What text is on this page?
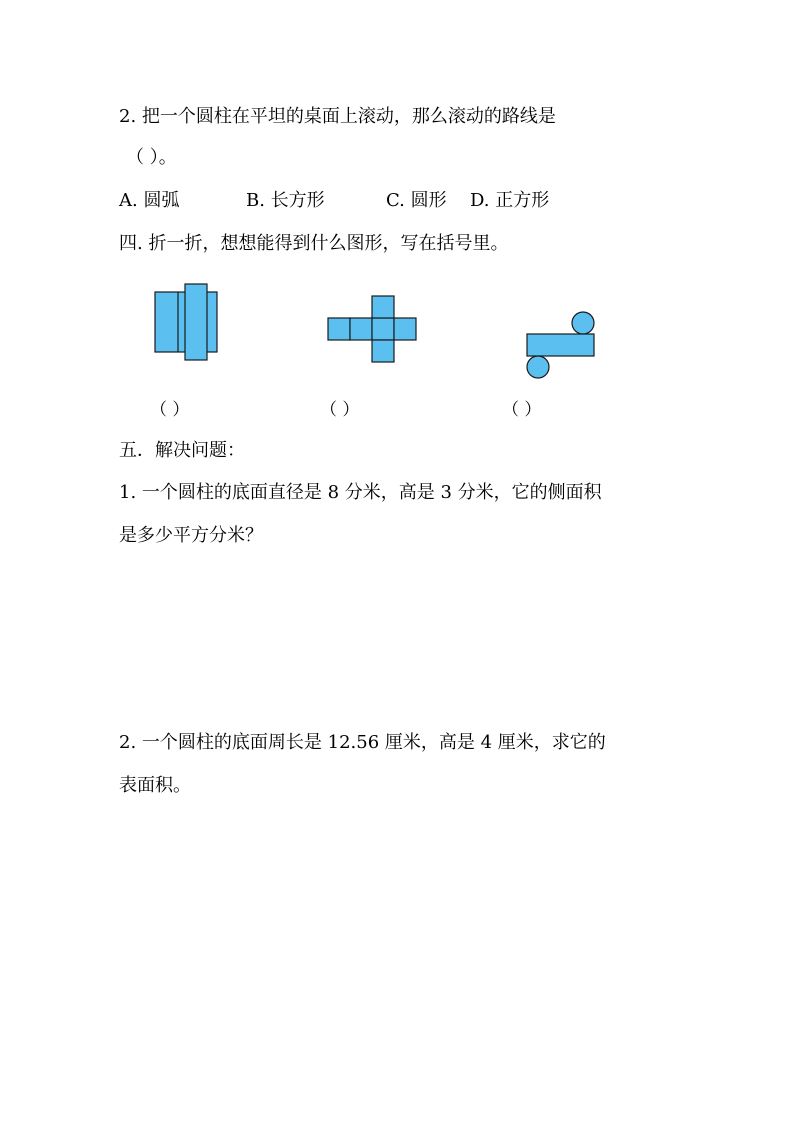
2. 把一个圆柱在平坦的桌面上滚动，那么滚动的路线是
（ ）。
A. 圆弧	B. 长方形	C. 圆形 D. 正方形
四. 折一折，想想能得到什么图形，写在括号里。
（ ）	（ ）	（ ）
五．解决问题：
1. 一个圆柱的底面直径是 8 分米，高是 3 分米，它的侧面积
是多少平方分米？
2. 一个圆柱的底面周长是 12.56 厘米，高是 4 厘米，求它的
表面积。
